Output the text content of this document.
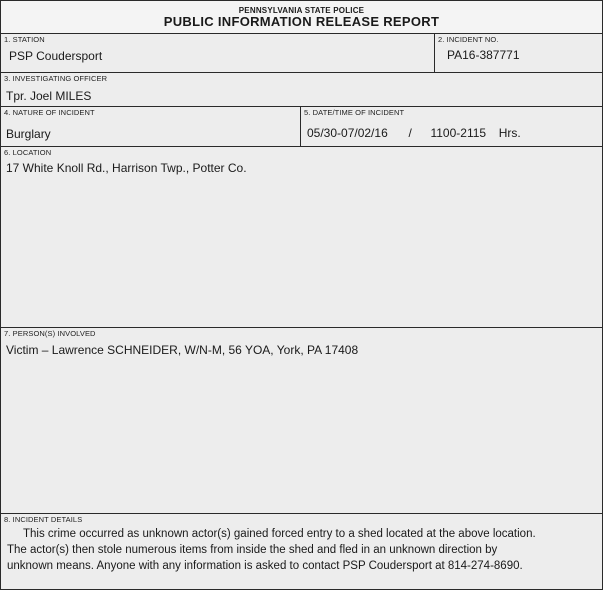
PENNSYLVANIA STATE POLICE
PUBLIC INFORMATION RELEASE REPORT
1. STATION
PSP Coudersport
2. INCIDENT NO.
PA16-387771
3. INVESTIGATING OFFICER
Tpr. Joel MILES
4. NATURE OF INCIDENT
Burglary
5. DATE/TIME OF INCIDENT
05/30-07/02/16 / 1100-2115 Hrs.
6. LOCATION
17 White Knoll Rd., Harrison Twp., Potter Co.
7. PERSON(S) INVOLVED
Victim – Lawrence SCHNEIDER, W/N-M, 56 YOA, York, PA 17408
8. INCIDENT DETAILS
This crime occurred as unknown actor(s) gained forced entry to a shed located at the above location.
The actor(s) then stole numerous items from inside the shed and fled in an unknown direction by
unknown means. Anyone with any information is asked to contact PSP Coudersport at 814-274-8690.
